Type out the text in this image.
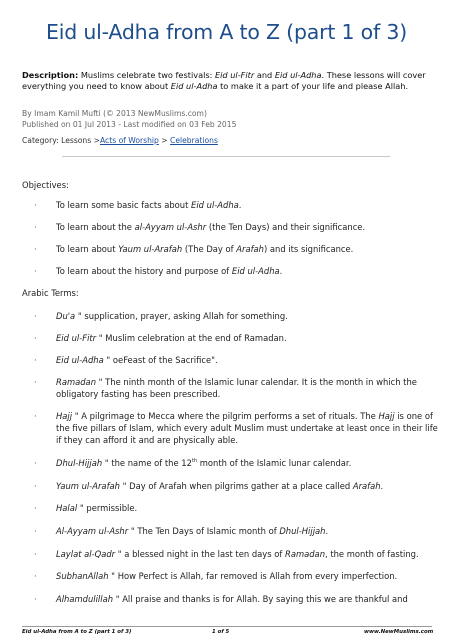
Eid ul-Adha from A to Z (part 1 of 3)
Description: Muslims celebrate two festivals: Eid ul-Fitr and Eid ul-Adha. These lessons will cover everything you need to know about Eid ul-Adha to make it a part of your life and please Allah.
By Imam Kamil Mufti (© 2013 NewMuslims.com)
Published on 01 Jul 2013 - Last modified on 03 Feb 2015
Category: Lessons >Acts of Worship > Celebrations
Objectives:
·	To learn some basic facts about Eid ul-Adha.
·	To learn about the al-Ayyam ul-Ashr (the Ten Days) and their significance.
·	To learn about Yaum ul-Arafah (The Day of Arafah) and its significance.
·	To learn about the history and purpose of Eid ul-Adha.
Arabic Terms:
·	Du'a " supplication, prayer, asking Allah for something.
·	Eid ul-Fitr " Muslim celebration at the end of Ramadan.
·	Eid ul-Adha " oeFeast of the Sacrifice".
·	Ramadan " The ninth month of the Islamic lunar calendar. It is the month in which the obligatory fasting has been prescribed.
·	Hajj " A pilgrimage to Mecca where the pilgrim performs a set of rituals. The Hajj is one of the five pillars of Islam, which every adult Muslim must undertake at least once in their life if they can afford it and are physically able.
·	Dhul-Hijjah " the name of the 12th month of the Islamic lunar calendar.
·	Yaum ul-Arafah " Day of Arafah when pilgrims gather at a place called Arafah.
·	Halal " permissible.
·	Al-Ayyam ul-Ashr " The Ten Days of Islamic month of Dhul-Hijjah.
·	Laylat al-Qadr " a blessed night in the last ten days of Ramadan, the month of fasting.
·	SubhanAllah " How Perfect is Allah, far removed is Allah from every imperfection.
·	Alhamdulillah " All praise and thanks is for Allah. By saying this we are thankful and
Eid ul-Adha from A to Z (part 1 of 3)	1 of 5	www.NewMuslims.com
